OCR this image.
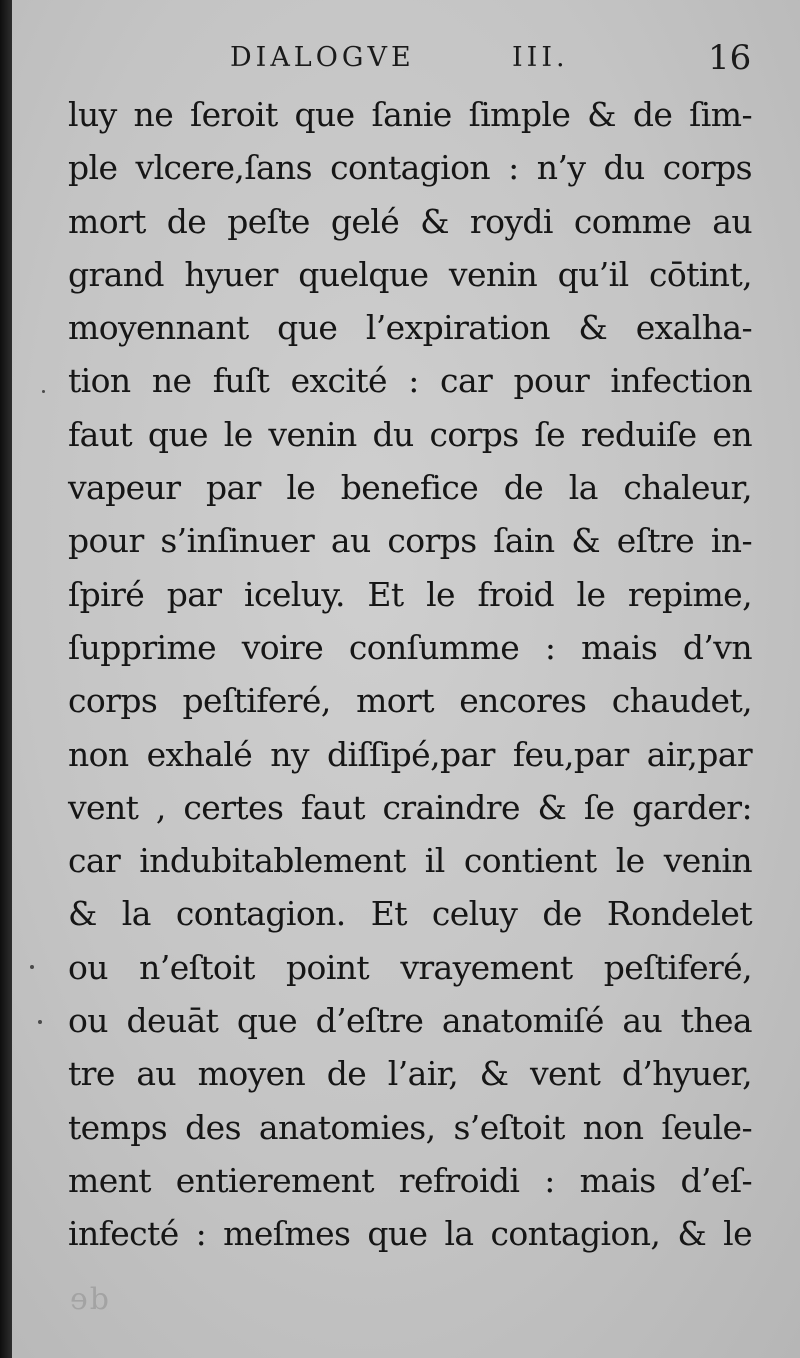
DIALOGVE	III.	16
luy ne ſeroit que ſanie ſimple & de ſim-
ple vlcere,ſans contagion : n’y du corps
mort de peſte gelé & roydi comme au
grand hyuer quelque venin qu’il cōtint,
moyennant que l’expiration & exalha-
tion ne fuſt excité : car pour infection
faut que le venin du corps ſe reduiſe en
vapeur par le benefice de la chaleur,
pour s’inſinuer au corps ſain & eſtre in-
ſpiré par iceluy. Et le froid le repime,
ſupprime voire conſumme : mais d’vn
corps peſtiferé, mort encores chaudet,
non exhalé ny diſſipé,par feu,par air,par
vent , certes faut craindre & ſe garder:
car indubitablement il contient le venin
& la contagion. Et celuy de Rondelet
ou n’eſtoit point vrayement peſtiferé,
ou deuāt que d’eſtre anatomiſé au thea
tre au moyen de l’air, & vent d’hyuer,
temps des anatomies, s’eſtoit non ſeule-
ment entierement refroidi : mais d’eſ-
infecté : meſmes que la contagion, & le
ɘb
